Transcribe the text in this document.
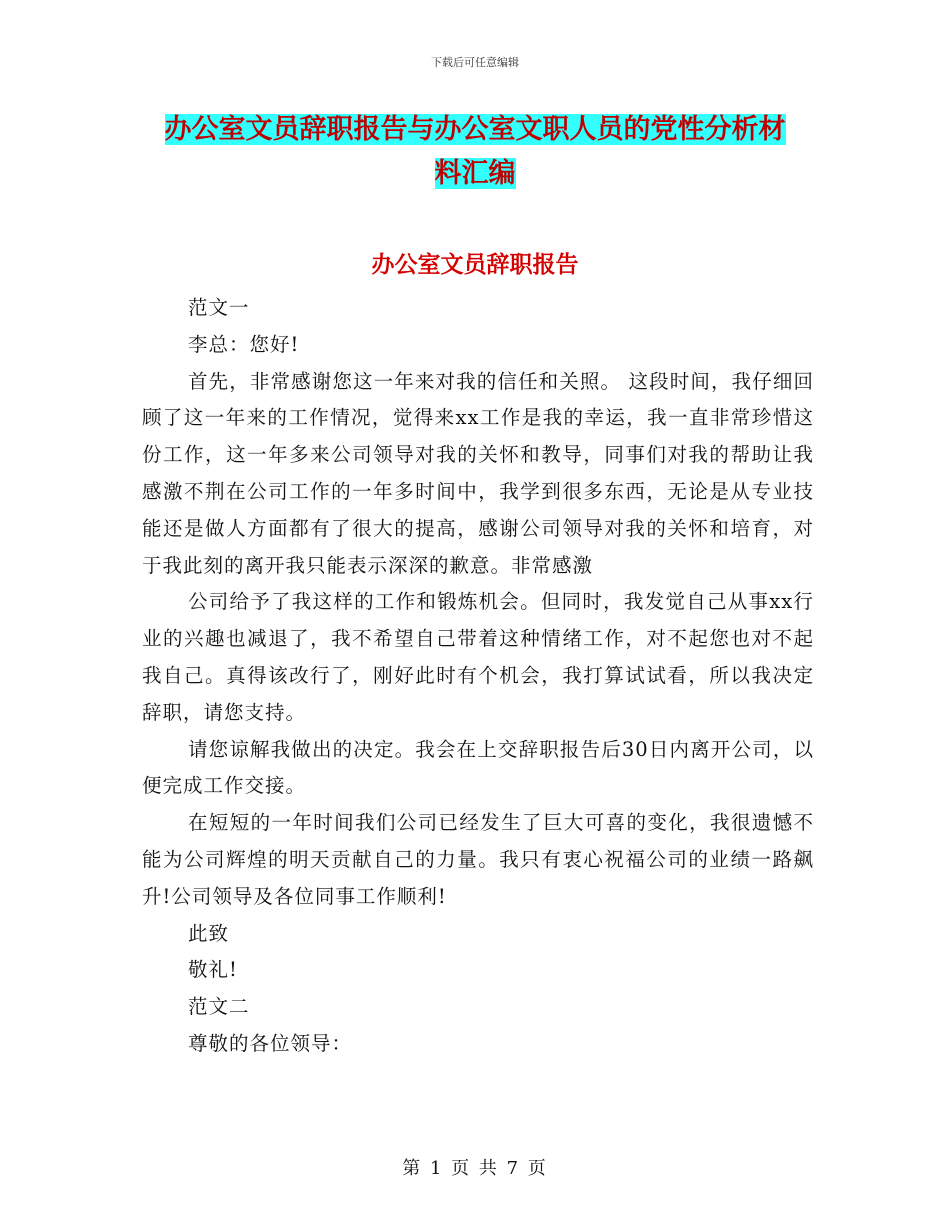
下载后可任意编辑
办公室文员辞职报告与办公室文职人员的党性分析材
料汇编
办公室文员辞职报告

范文一

李总：您好!

首先，非常感谢您这一年来对我的信任和关照。 这段时间，我仔细回顾了这一年来的工作情况，觉得来xx工作是我的幸运，我一直非常珍惜这份工作，这一年多来公司领导对我的关怀和教导，同事们对我的帮助让我感激不荆在公司工作的一年多时间中，我学到很多东西，无论是从专业技能还是做人方面都有了很大的提高，感谢公司领导对我的关怀和培育，对于我此刻的离开我只能表示深深的歉意。非常感激

公司给予了我这样的工作和锻炼机会。但同时，我发觉自己从事xx行业的兴趣也减退了，我不希望自己带着这种情绪工作，对不起您也对不起我自己。真得该改行了，刚好此时有个机会，我打算试试看，所以我决定辞职，请您支持。

请您谅解我做出的决定。我会在上交辞职报告后30日内离开公司，以便完成工作交接。

在短短的一年时间我们公司已经发生了巨大可喜的变化，我很遗憾不能为公司辉煌的明天贡献自己的力量。我只有衷心祝福公司的业绩一路飙升!公司领导及各位同事工作顺利!

此致

敬礼!

范文二

尊敬的各位领导：

第 1 页 共 7 页
